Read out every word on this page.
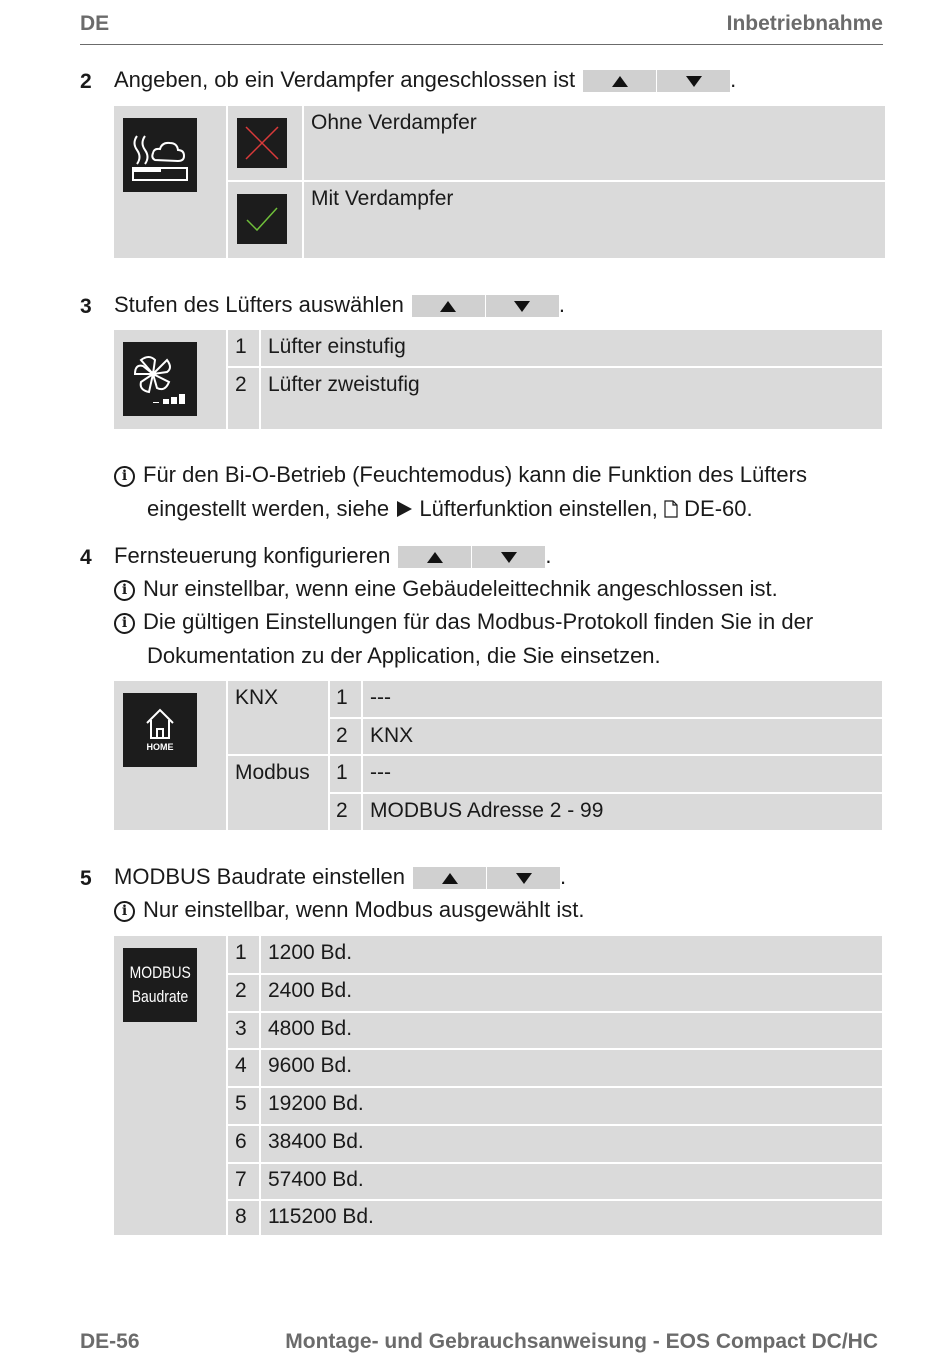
DE	Inbetriebnahme
2 Angeben, ob ein Verdampfer angeschlossen ist	.
Ohne Verdampfer
Mit Verdampfer
3 Stufen des Lüfters auswählen	.
1 Lüfter einstufig
2 Lüfter zweistufig
i Für den Bi-O-Betrieb (Feuchtemodus) kann die Funktion des Lüfters
eingestellt werden, siehe Lüfterfunktion einstellen, DE-60.
4 Fernsteuerung konfigurieren	.
i Nur einstellbar, wenn eine Gebäudeleittechnik angeschlossen ist.
i Die gültigen Einstellungen für das Modbus-Protokoll finden Sie in der
Dokumentation zu der Application, die Sie einsetzen.
HOME
KNX	1 ---
2 KNX
Modbus 1 ---
2 MODBUS Adresse 2 - 99
5 MODBUS Baudrate einstellen	.
i Nur einstellbar, wenn Modbus ausgewählt ist.
MODBUS
Baudrate
1 1200 Bd.
2 2400 Bd.
3 4800 Bd.
4 9600 Bd.
5 19200 Bd.
6 38400 Bd.
7 57400 Bd.
8 115200 Bd.
DE-56	Montage- und Gebrauchsanweisung - EOS Compact DC/HC
